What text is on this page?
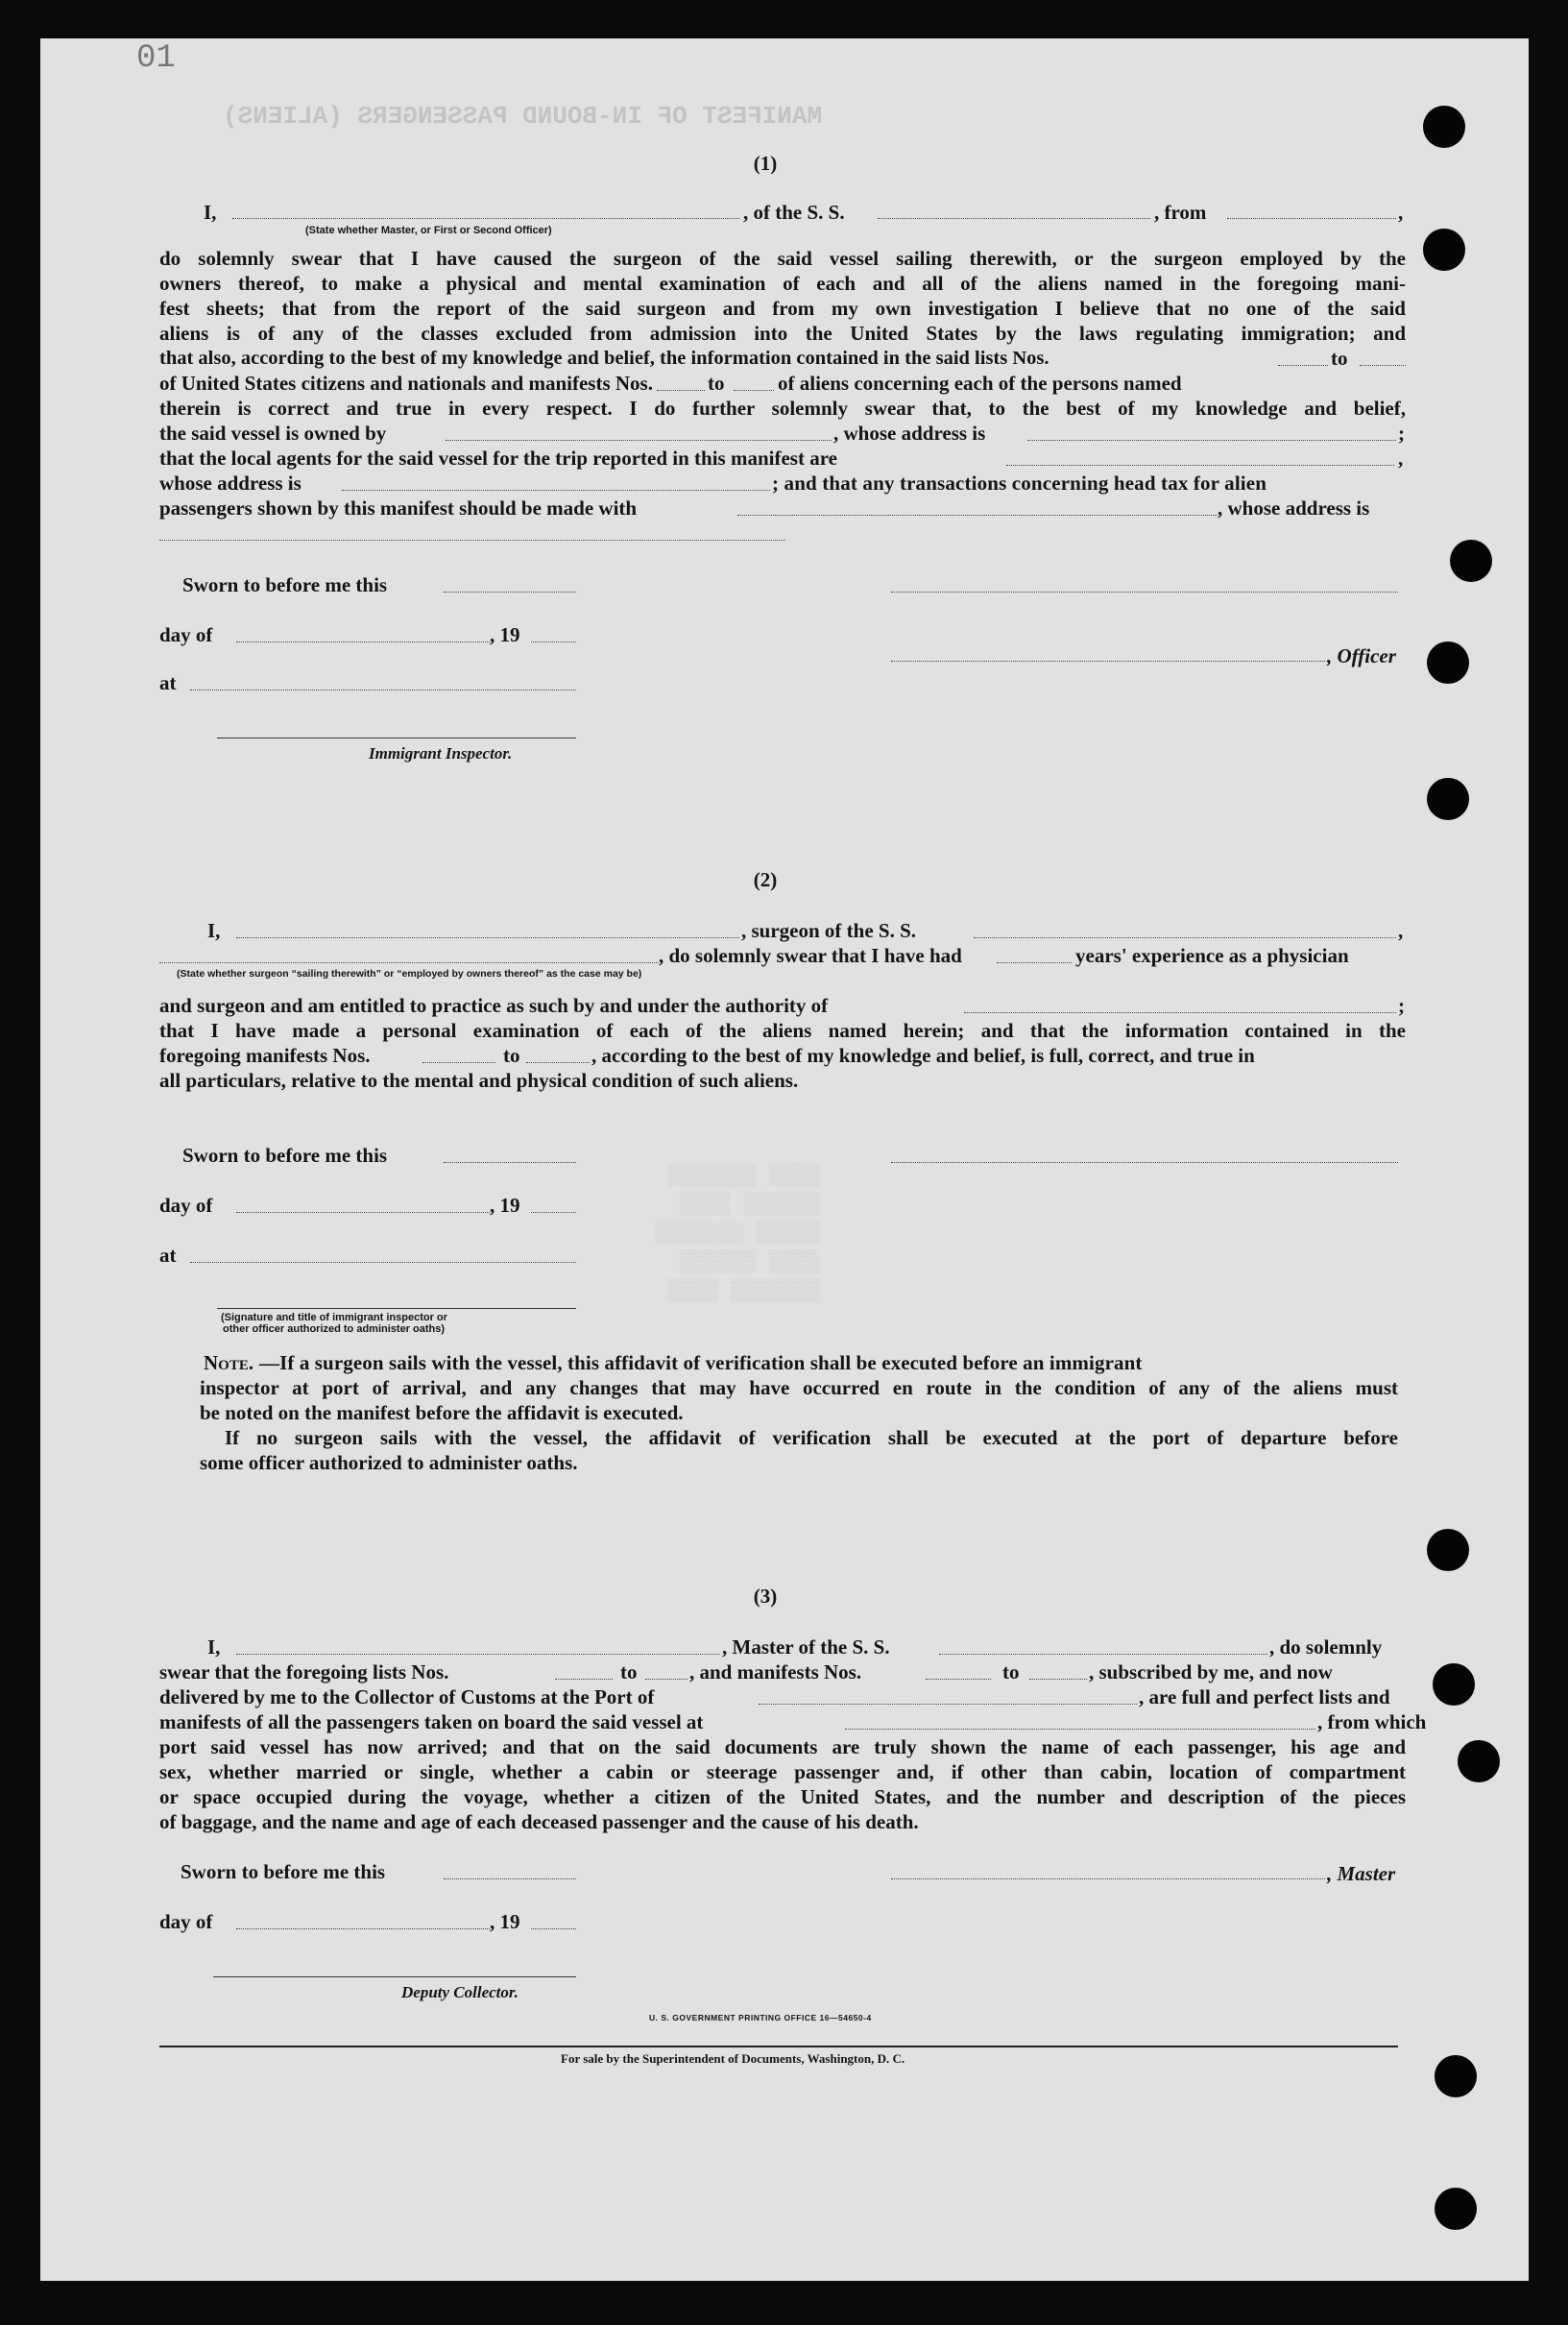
MANIFEST OF IN-BOUND PASSENGERS (ALIENS)
▒▒▒▒ ▒▒▒▒▒▒▒
▒▒▒▒▒▒ ▒▒▒▒
▒▒▒▒▒ ▒▒▒▒▒▒▒
▒▒▒▒ ▒▒▒▒▒▒
▒▒▒▒▒▒▒ ▒▒▒▒
01
(1)
I,	, of the S. S.	, from	,
(State whether Master, or First or Second Officer)
do solemnly swear that I have caused the surgeon of the said vessel sailing therewith, or the surgeon employed by the
owners thereof, to make a physical and mental examination of each and all of the aliens named in the foregoing mani-
fest sheets; that from the report of the said surgeon and from my own investigation I believe that no one of the said
aliens is of any of the classes excluded from admission into the United States by the laws regulating immigration; and
that also, according to the best of my knowledge and belief, the information contained in the said lists Nos.	to
of United States citizens and nationals and manifests Nos.	to	of aliens concerning each of the persons named
therein is correct and true in every respect. I do further solemnly swear that, to the best of my knowledge and belief,
the said vessel is owned by	, whose address is	;
that the local agents for the said vessel for the trip reported in this manifest are	,
whose address is	; and that any transactions concerning head tax for alien
passengers shown by this manifest should be made with	, whose address is
Sworn to before me this
day of	, 19
, Officer
at
Immigrant Inspector.
(2)
I,	, surgeon of the S. S.	,
, do solemnly swear that I have had	years' experience as a physician
(State whether surgeon “sailing therewith” or “employed by owners thereof” as the case may be)
and surgeon and am entitled to practice as such by and under the authority of	;
that I have made a personal examination of each of the aliens named herein; and that the information contained in the
foregoing manifests Nos.	to	, according to the best of my knowledge and belief, is full, correct, and true in
all particulars, relative to the mental and physical condition of such aliens.
Sworn to before me this
day of	, 19
at
(Signature and title of immigrant inspector or
other officer authorized to administer oaths)
Note. —If a surgeon sails with the vessel, this affidavit of verification shall be executed before an immigrant
inspector at port of arrival, and any changes that may have occurred en route in the condition of any of the aliens must
be noted on the manifest before the affidavit is executed.
If no surgeon sails with the vessel, the affidavit of verification shall be executed at the port of departure before
some officer authorized to administer oaths.
(3)
I,	, Master of the S. S.	, do solemnly
swear that the foregoing lists Nos.	to	, and manifests Nos.	to	, subscribed by me, and now
delivered by me to the Collector of Customs at the Port of	, are full and perfect lists and
manifests of all the passengers taken on board the said vessel at	, from which
port said vessel has now arrived; and that on the said documents are truly shown the name of each passenger, his age and
sex, whether married or single, whether a cabin or steerage passenger and, if other than cabin, location of compartment
or space occupied during the voyage, whether a citizen of the United States, and the number and description of the pieces
of baggage, and the name and age of each deceased passenger and the cause of his death.
Sworn to before me this	, Master
day of	, 19
Deputy Collector.
U. S. GOVERNMENT PRINTING OFFICE 16—54650-4
For sale by the Superintendent of Documents, Washington, D. C.
